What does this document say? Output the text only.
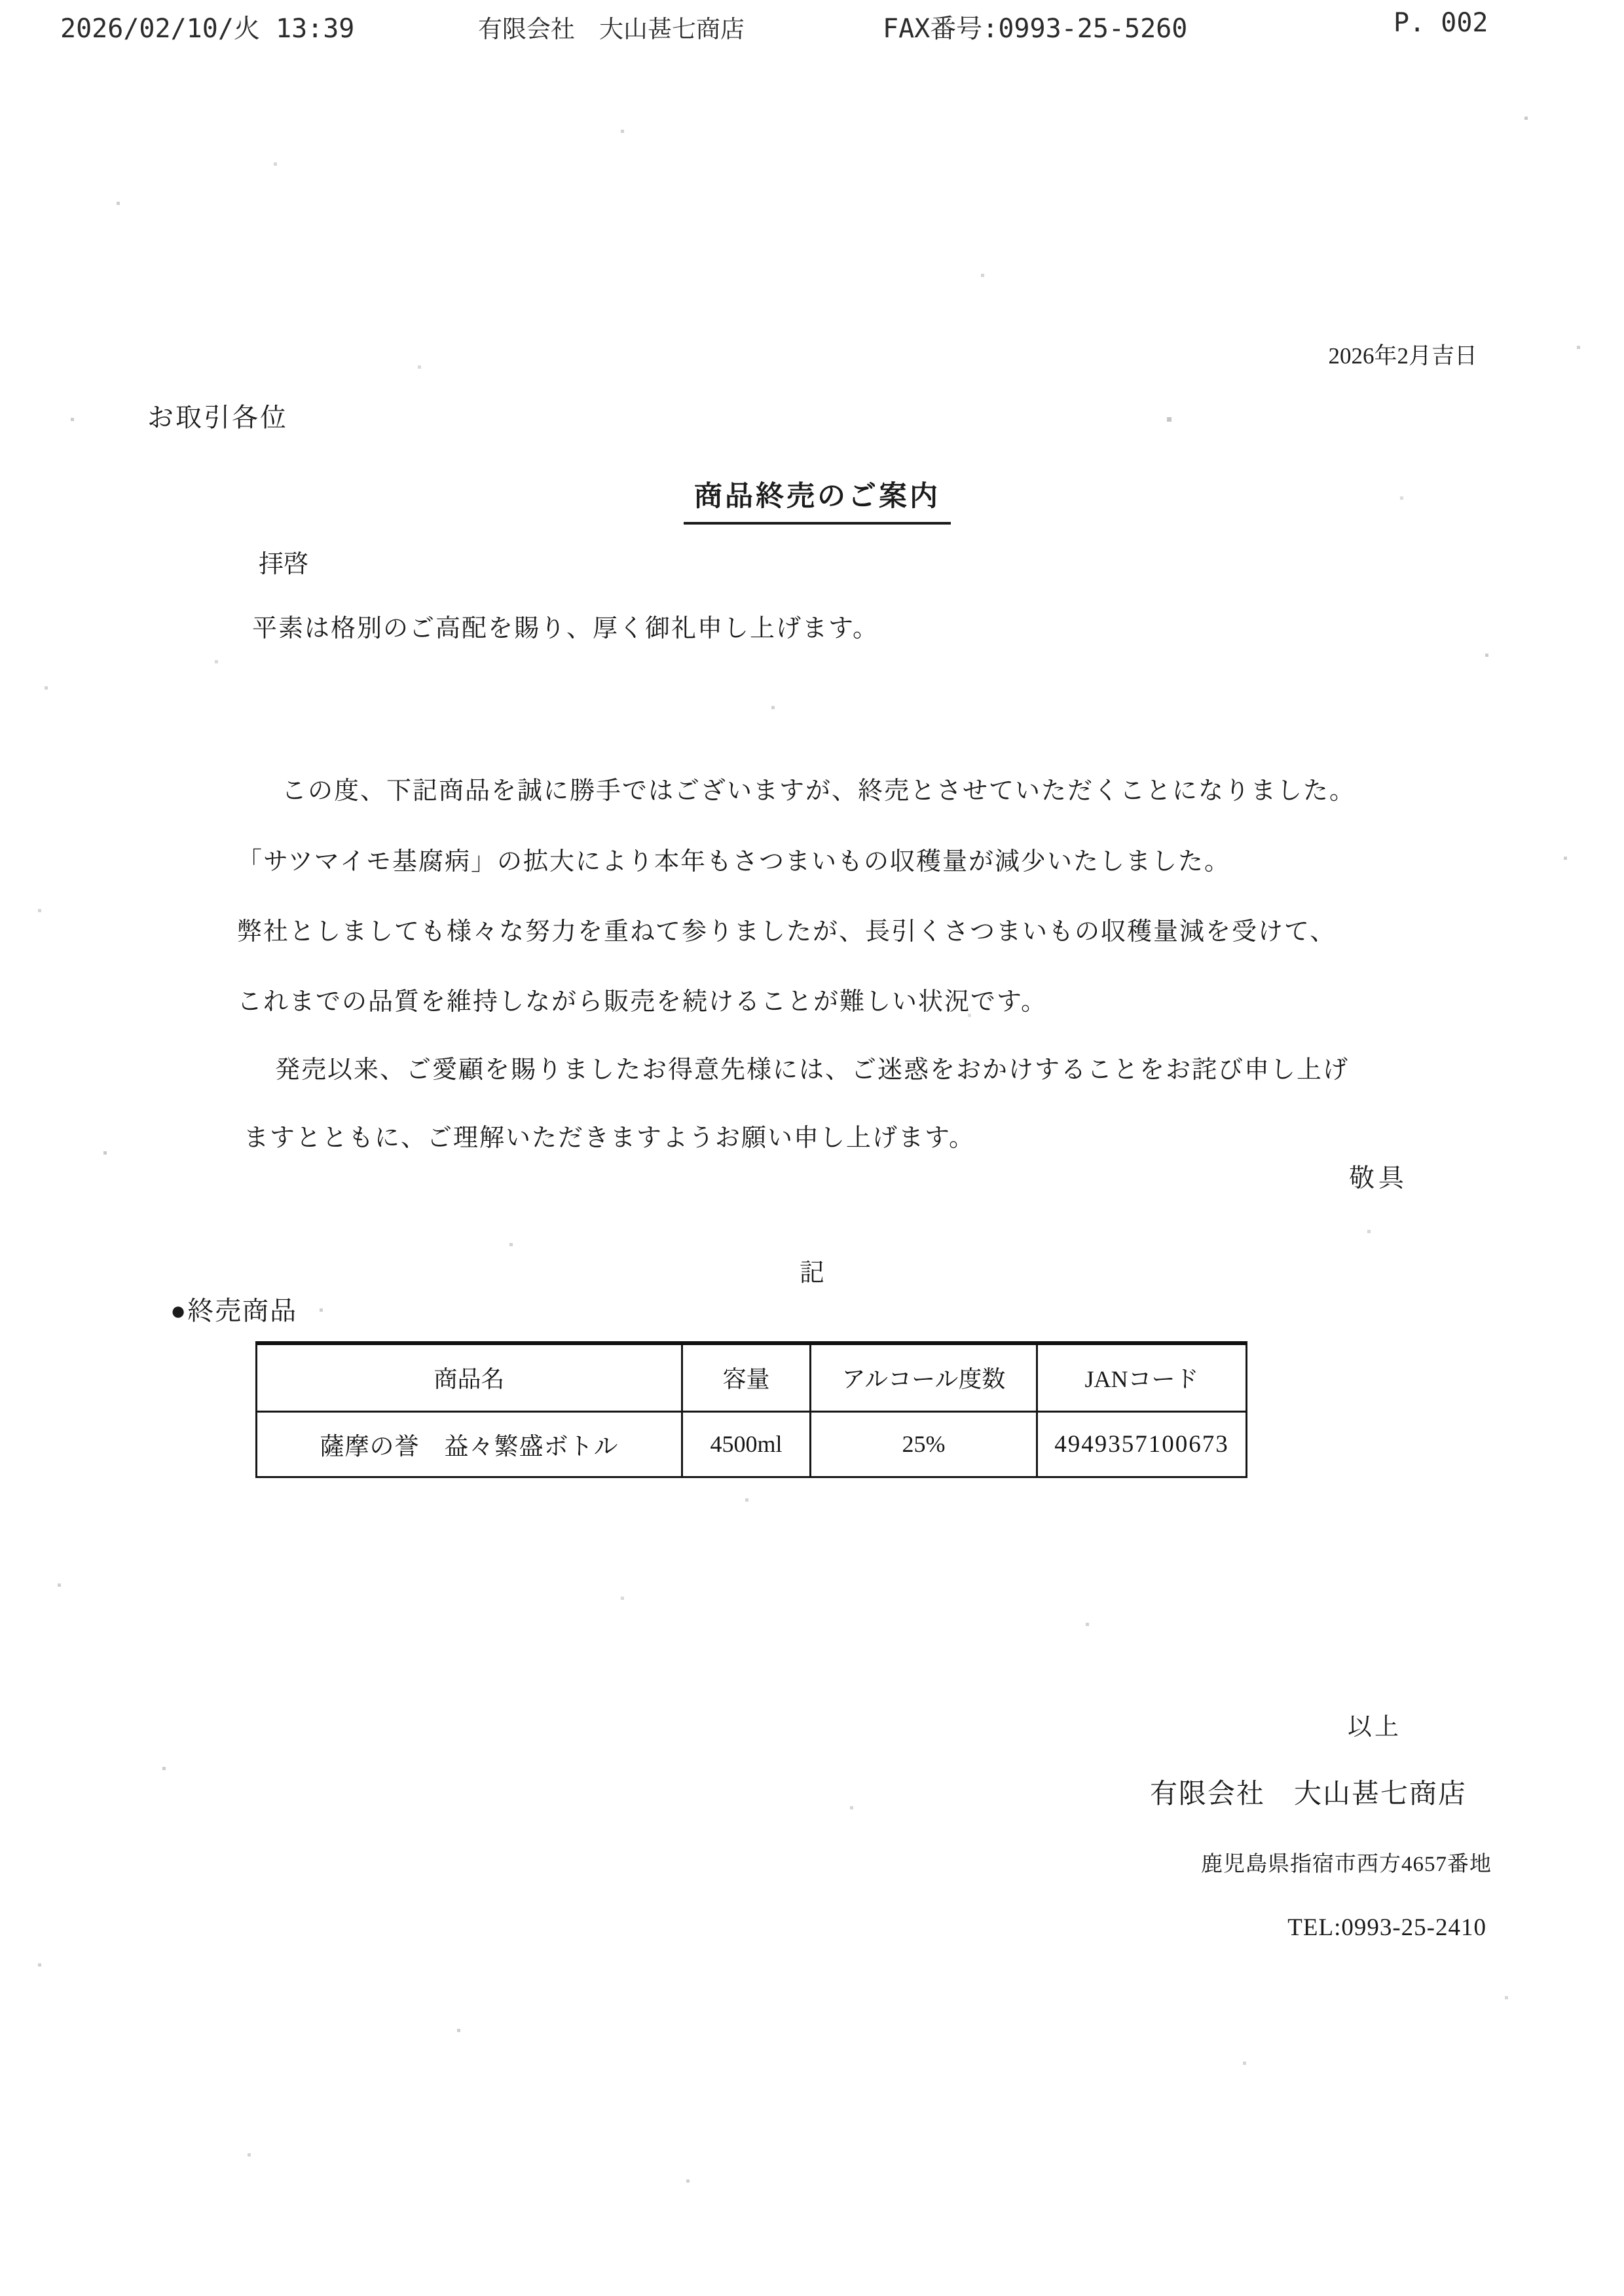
2026/02/10/火 13:39	有限会社　大山甚七商店	FAX番号:0993-25-5260	P. 002
2026年2月吉日
お取引各位

商品終売のご案内

拝啓
平素は格別のご高配を賜り、厚く御礼申し上げます。

この度、下記商品を誠に勝手ではございますが、終売とさせていただくことになりました。

「サツマイモ基腐病」の拡大により本年もさつまいもの収穫量が減少いたしました。

弊社としましても様々な努力を重ねて参りましたが、長引くさつまいもの収穫量減を受けて、

これまでの品質を維持しながら販売を続けることが難しい状況です。

発売以来、ご愛顧を賜りましたお得意先様には、ご迷惑をおかけすることをお詫び申し上げ

ますとともに、ご理解いただきますようお願い申し上げます。

敬具
記
●終売商品
商品名	容量	アルコール度数	JANコード
薩摩の誉　益々繁盛ボトル	4500ml	25%	4949357100673
以上
有限会社　大山甚七商店
鹿児島県指宿市西方4657番地
TEL:0993-25-2410
